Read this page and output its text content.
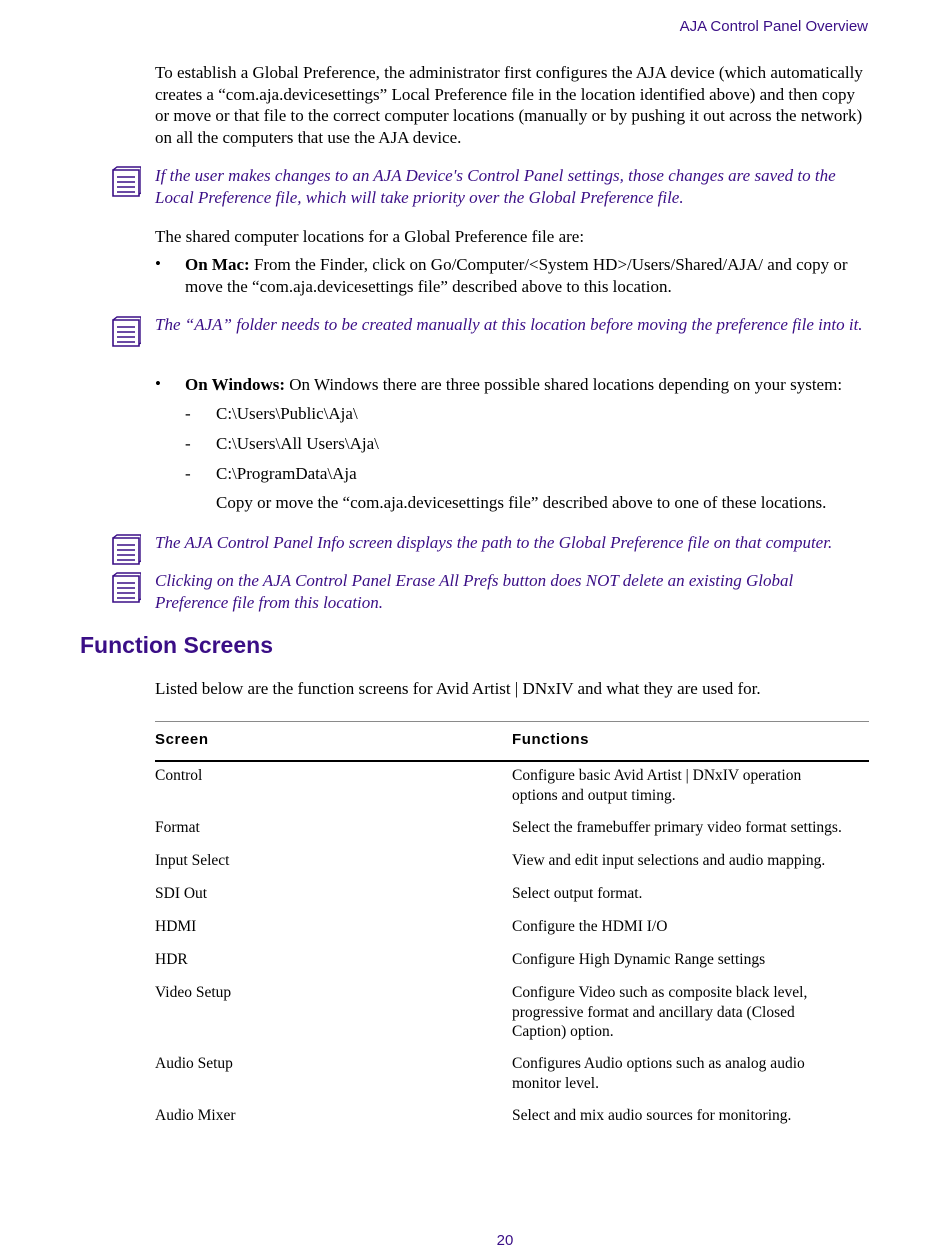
AJA Control Panel Overview

To establish a Global Preference, the administrator first configures the AJA device (which automatically creates a “com.aja.devicesettings” Local Preference file in the location identified above) and then copy or move or that file to the correct computer locations (manually or by pushing it out across the network) on all the computers that use the AJA device.

If the user makes changes to an AJA Device's Control Panel settings, those changes are saved to the Local Preference file, which will take priority over the Global Preference file.

The shared computer locations for a Global Preference file are:

• On Mac: From the Finder, click on Go/Computer/<System HD>/Users/Shared/AJA/ and copy or move the “com.aja.devicesettings file” described above to this location.

The “AJA” folder needs to be created manually at this location before moving the preference file into it.

• On Windows: On Windows there are three possible shared locations depending on your system:

- C:\Users\Public\Aja\
- C:\Users\All Users\Aja\
- C:\ProgramData\Aja
Copy or move the “com.aja.devicesettings file” described above to one of these locations.

The AJA Control Panel Info screen displays the path to the Global Preference file on that computer.

Clicking on the AJA Control Panel Erase All Prefs button does NOT delete an existing Global Preference file from this location.

Function Screens

Listed below are the function screens for Avid Artist | DNxIV and what they are used for.

Screen	Functions
Control	Configure basic Avid Artist | DNxIV operation options and output timing.
Format	Select the framebuffer primary video format settings.
Input Select	View and edit input selections and audio mapping.
SDI Out	Select output format.
HDMI	Configure the HDMI I/O
HDR	Configure High Dynamic Range settings
Video Setup	Configure Video such as composite black level, progressive format and ancillary data (Closed Caption) option.
Audio Setup	Configures Audio options such as analog audio monitor level.
Audio Mixer	Select and mix audio sources for monitoring.
20
